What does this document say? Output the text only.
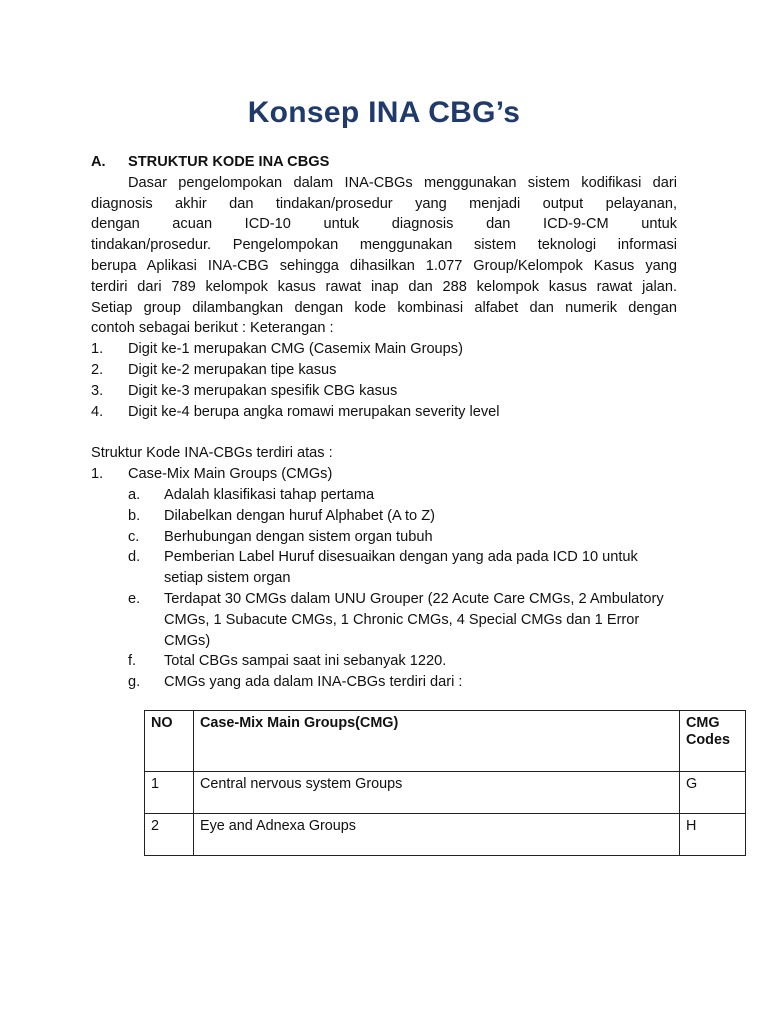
Konsep INA CBG’s
A.	STRUKTUR KODE INA CBGS
Dasar pengelompokan dalam INA-CBGs menggunakan sistem kodifikasi dari
diagnosis akhir dan tindakan/prosedur yang menjadi output pelayanan,
dengan acuan ICD-10 untuk diagnosis dan ICD-9-CM untuk
tindakan/prosedur. Pengelompokan menggunakan sistem teknologi informasi
berupa Aplikasi INA-CBG sehingga dihasilkan 1.077 Group/Kelompok Kasus yang
terdiri dari 789 kelompok kasus rawat inap dan 288 kelompok kasus rawat jalan.
Setiap group dilambangkan dengan kode kombinasi alfabet dan numerik dengan
contoh sebagai berikut : Keterangan :
1.	Digit ke-1 merupakan CMG (Casemix Main Groups)
2.	Digit ke-2 merupakan tipe kasus
3.	Digit ke-3 merupakan spesifik CBG kasus
4.	Digit ke-4 berupa angka romawi merupakan severity level
Struktur Kode INA-CBGs terdiri atas :
1.	Case-Mix Main Groups (CMGs)
a.	Adalah klasifikasi tahap pertama
b.	Dilabelkan dengan huruf Alphabet (A to Z)
c.	Berhubungan dengan sistem organ tubuh
d.	Pemberian Label Huruf disesuaikan dengan yang ada pada ICD 10 untuk setiap sistem organ
e.	Terdapat 30 CMGs dalam UNU Grouper (22 Acute Care CMGs, 2 Ambulatory CMGs, 1 Subacute CMGs, 1 Chronic CMGs, 4 Special CMGs dan 1 Error CMGs)
f.	Total CBGs sampai saat ini sebanyak 1220.
g.	CMGs yang ada dalam INA-CBGs terdiri dari :
NO	Case-Mix Main Groups(CMG)	CMG Codes
1	Central nervous system Groups	G
2	Eye and Adnexa Groups	H
